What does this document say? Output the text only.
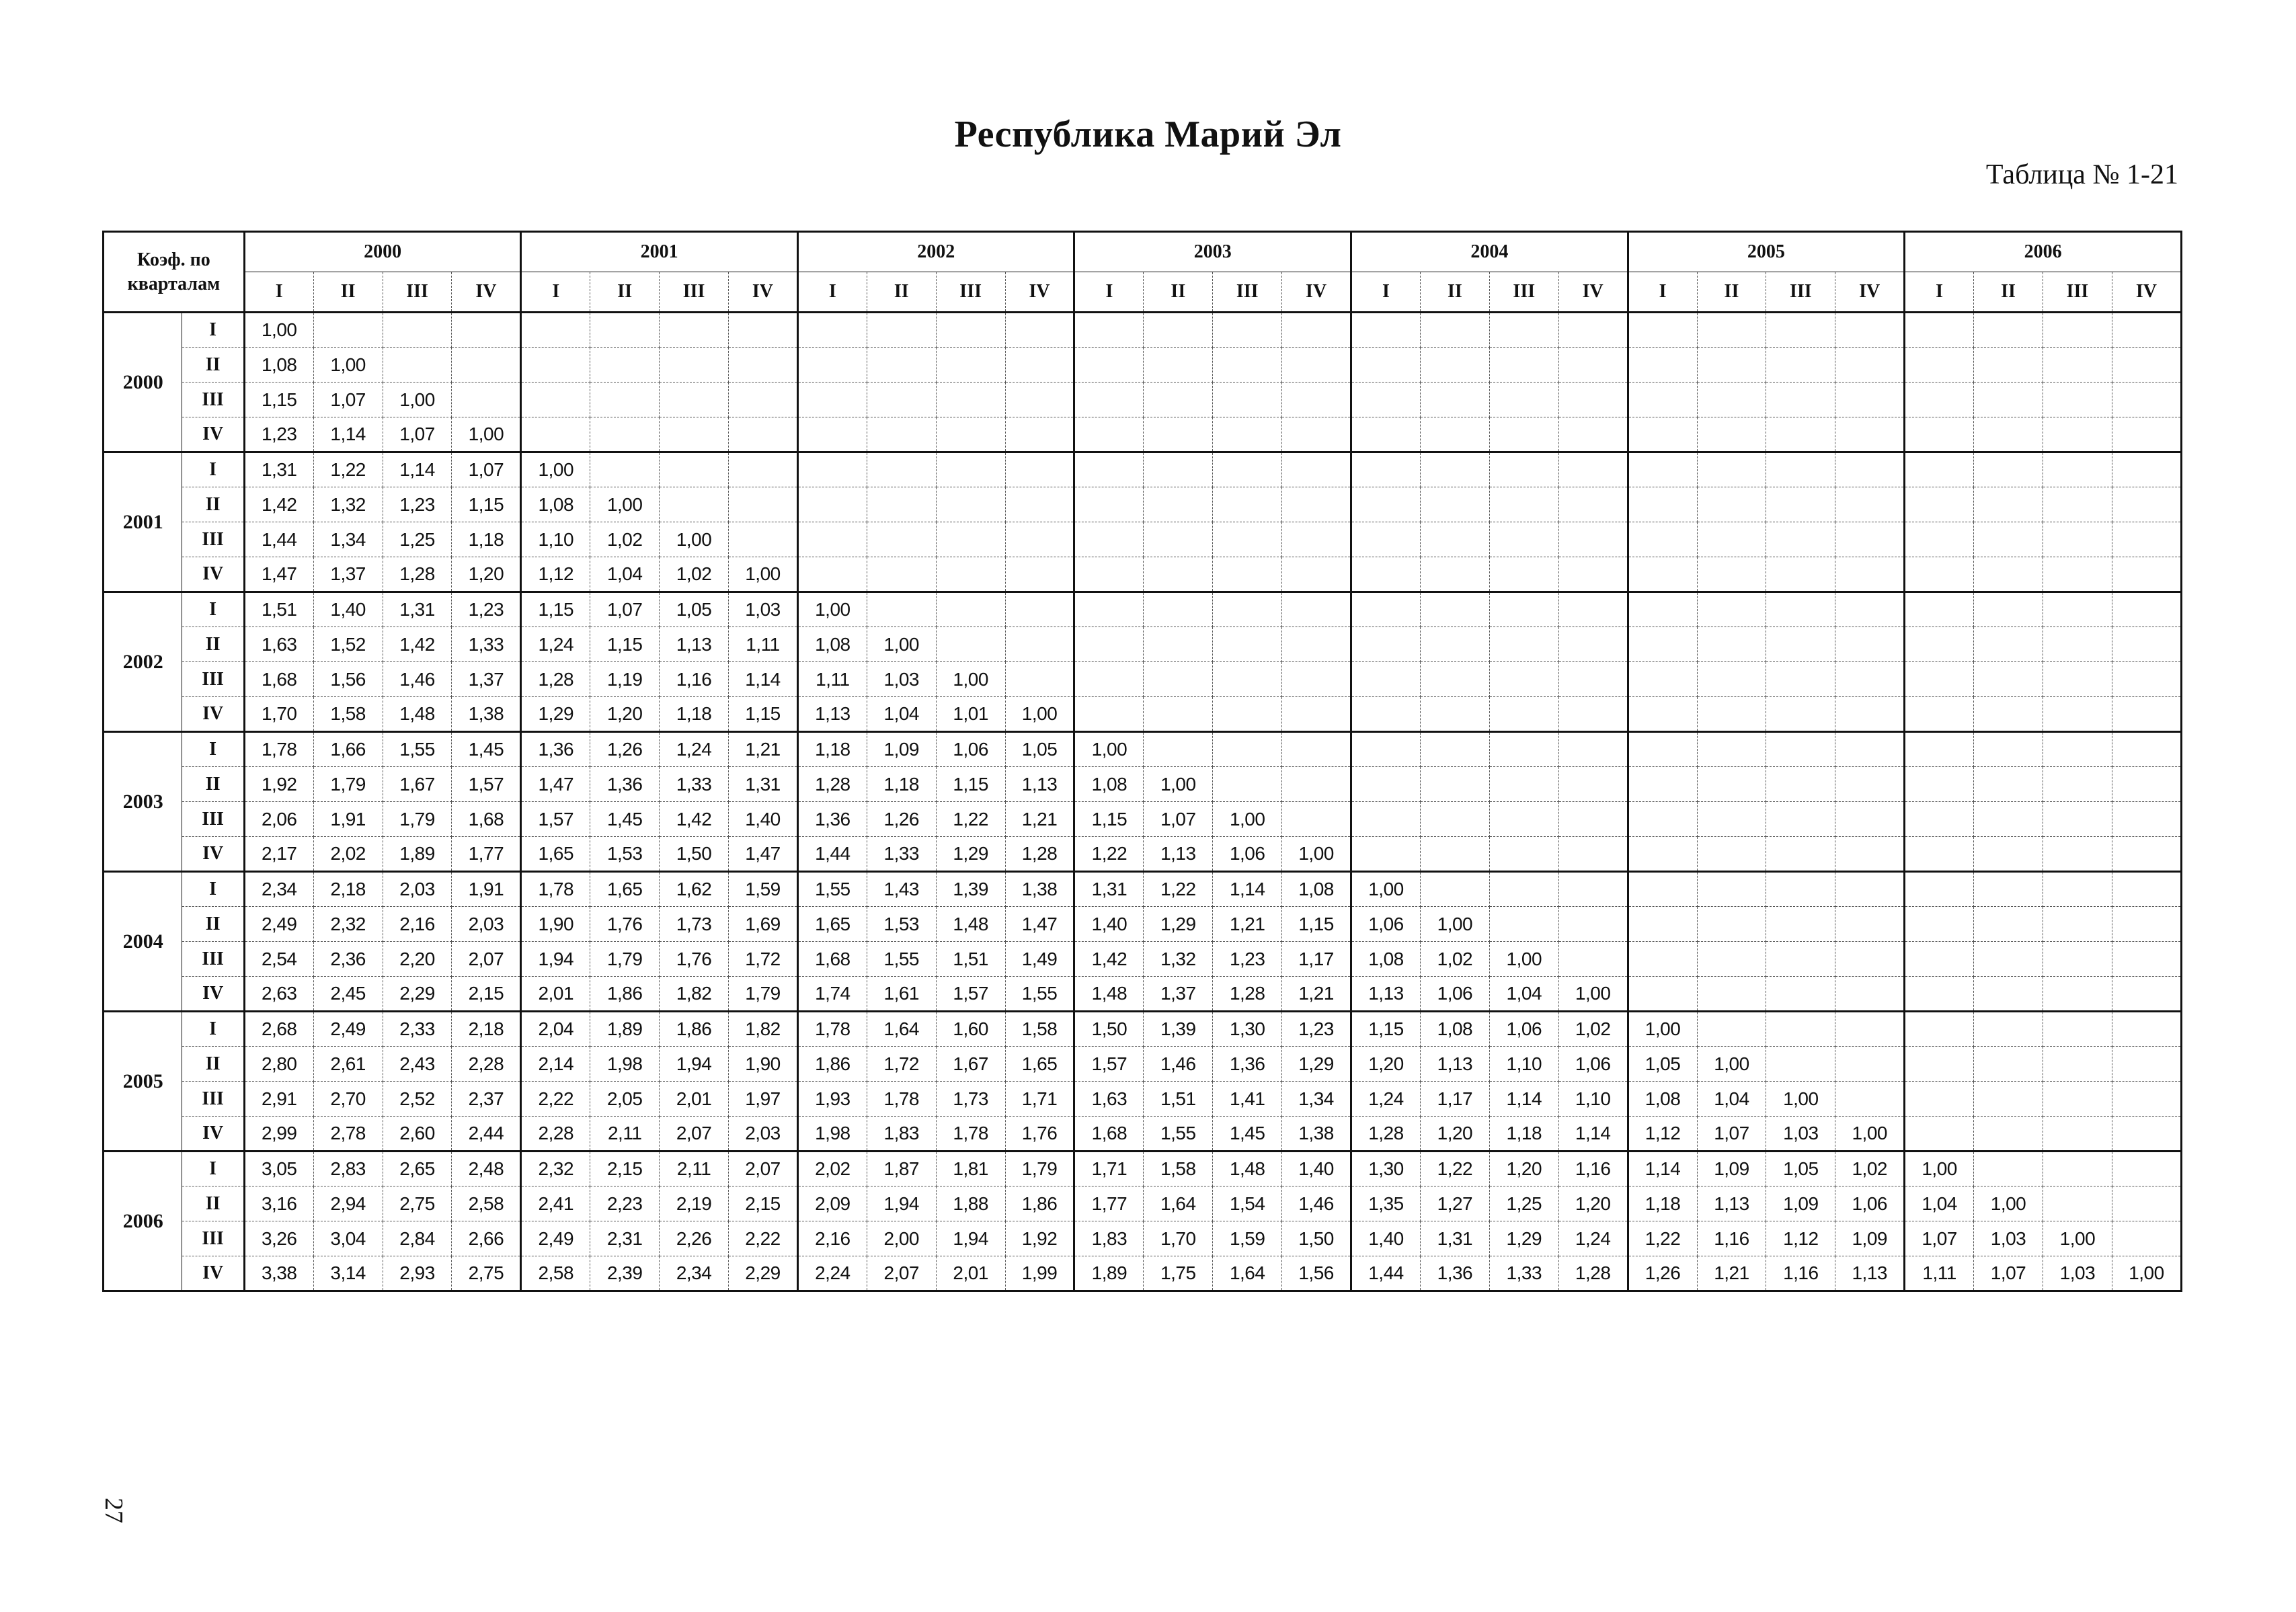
Республика Марий Эл
Таблица № 1-21
Коэф. по
кварталам		2000				2001				2002				2003				2004				2005				2006			
		I	II	III	IV	I	II	III	IV	I	II	III	IV	I	II	III	IV	I	II	III	IV	I	II	III	IV	I	II	III	IV
2000	I	1,00																											
	II	1,08	1,00																										
	III	1,15	1,07	1,00																									
	IV	1,23	1,14	1,07	1,00																								
2001	I	1,31	1,22	1,14	1,07	1,00																							
	II	1,42	1,32	1,23	1,15	1,08	1,00																						
	III	1,44	1,34	1,25	1,18	1,10	1,02	1,00																					
	IV	1,47	1,37	1,28	1,20	1,12	1,04	1,02	1,00																				
2002	I	1,51	1,40	1,31	1,23	1,15	1,07	1,05	1,03	1,00																			
	II	1,63	1,52	1,42	1,33	1,24	1,15	1,13	1,11	1,08	1,00																		
	III	1,68	1,56	1,46	1,37	1,28	1,19	1,16	1,14	1,11	1,03	1,00																	
	IV	1,70	1,58	1,48	1,38	1,29	1,20	1,18	1,15	1,13	1,04	1,01	1,00																
2003	I	1,78	1,66	1,55	1,45	1,36	1,26	1,24	1,21	1,18	1,09	1,06	1,05	1,00															
	II	1,92	1,79	1,67	1,57	1,47	1,36	1,33	1,31	1,28	1,18	1,15	1,13	1,08	1,00														
	III	2,06	1,91	1,79	1,68	1,57	1,45	1,42	1,40	1,36	1,26	1,22	1,21	1,15	1,07	1,00													
	IV	2,17	2,02	1,89	1,77	1,65	1,53	1,50	1,47	1,44	1,33	1,29	1,28	1,22	1,13	1,06	1,00												
2004	I	2,34	2,18	2,03	1,91	1,78	1,65	1,62	1,59	1,55	1,43	1,39	1,38	1,31	1,22	1,14	1,08	1,00											
	II	2,49	2,32	2,16	2,03	1,90	1,76	1,73	1,69	1,65	1,53	1,48	1,47	1,40	1,29	1,21	1,15	1,06	1,00										
	III	2,54	2,36	2,20	2,07	1,94	1,79	1,76	1,72	1,68	1,55	1,51	1,49	1,42	1,32	1,23	1,17	1,08	1,02	1,00									
	IV	2,63	2,45	2,29	2,15	2,01	1,86	1,82	1,79	1,74	1,61	1,57	1,55	1,48	1,37	1,28	1,21	1,13	1,06	1,04	1,00								
2005	I	2,68	2,49	2,33	2,18	2,04	1,89	1,86	1,82	1,78	1,64	1,60	1,58	1,50	1,39	1,30	1,23	1,15	1,08	1,06	1,02	1,00							
	II	2,80	2,61	2,43	2,28	2,14	1,98	1,94	1,90	1,86	1,72	1,67	1,65	1,57	1,46	1,36	1,29	1,20	1,13	1,10	1,06	1,05	1,00						
	III	2,91	2,70	2,52	2,37	2,22	2,05	2,01	1,97	1,93	1,78	1,73	1,71	1,63	1,51	1,41	1,34	1,24	1,17	1,14	1,10	1,08	1,04	1,00					
	IV	2,99	2,78	2,60	2,44	2,28	2,11	2,07	2,03	1,98	1,83	1,78	1,76	1,68	1,55	1,45	1,38	1,28	1,20	1,18	1,14	1,12	1,07	1,03	1,00				
2006	I	3,05	2,83	2,65	2,48	2,32	2,15	2,11	2,07	2,02	1,87	1,81	1,79	1,71	1,58	1,48	1,40	1,30	1,22	1,20	1,16	1,14	1,09	1,05	1,02	1,00			
	II	3,16	2,94	2,75	2,58	2,41	2,23	2,19	2,15	2,09	1,94	1,88	1,86	1,77	1,64	1,54	1,46	1,35	1,27	1,25	1,20	1,18	1,13	1,09	1,06	1,04	1,00		
	III	3,26	3,04	2,84	2,66	2,49	2,31	2,26	2,22	2,16	2,00	1,94	1,92	1,83	1,70	1,59	1,50	1,40	1,31	1,29	1,24	1,22	1,16	1,12	1,09	1,07	1,03	1,00	
	IV	3,38	3,14	2,93	2,75	2,58	2,39	2,34	2,29	2,24	2,07	2,01	1,99	1,89	1,75	1,64	1,56	1,44	1,36	1,33	1,28	1,26	1,21	1,16	1,13	1,11	1,07	1,03	1,00
27
